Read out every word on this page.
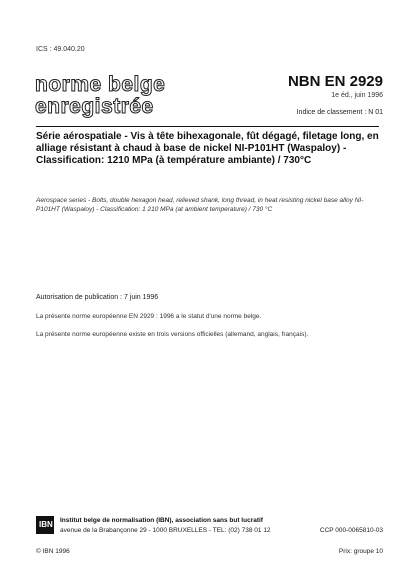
ICS : 49.040.20
norme belge
enregistrée
NBN EN 2929
1e éd., juin 1996
Indice de classement : N 01
Série aérospatiale - Vis à tête bihexagonale, fût dégagé, filetage long, en alliage résistant à chaud à base de nickel NI-P101HT (Waspaloy) - Classification: 1210 MPa (à température ambiante) / 730°C
Aerospace series - Bolts, double hexagon head, relieved shank, long thread, in heat resisting nickel base alloy NI-P101HT (Waspaloy) - Classification: 1 210 MPa (at ambient temperature) / 730 °C
Autorisation de publication : 7 juin 1996
La présente norme européenne EN 2929 : 1996 a le statut d'une norme belge.
La présente norme européenne existe en trois versions officielles (allemand, anglais, français).
IBN Institut belge de normalisation (IBN), association sans but lucratif
avenue de la Brabançonne 29 - 1000 BRUXELLES - TEL: (02) 738 01 12	CCP 000-0065810-03
© IBN 1996	Prix: groupe 10
